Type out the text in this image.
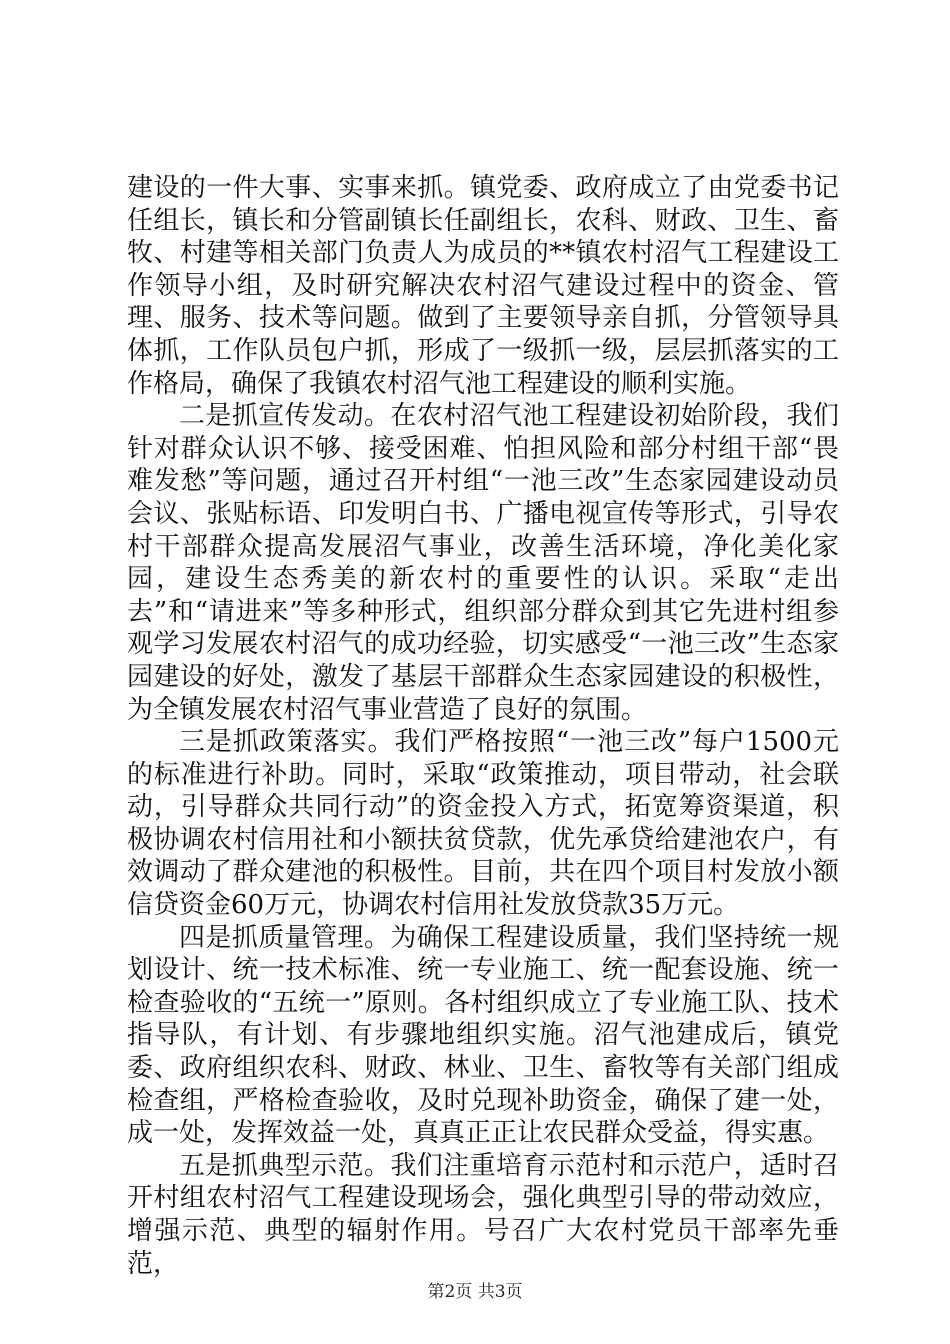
建设的一件大事、实事来抓。镇党委、政府成立了由党委书记任组长，镇长和分管副镇长任副组长，农科、财政、卫生、畜牧、村建等相关部门负责人为成员的**镇农村沼气工程建设工作领导小组，及时研究解决农村沼气建设过程中的资金、管理、服务、技术等问题。做到了主要领导亲自抓，分管领导具体抓，工作队员包户抓，形成了一级抓一级，层层抓落实的工作格局，确保了我镇农村沼气池工程建设的顺利实施。

二是抓宣传发动。在农村沼气池工程建设初始阶段，我们针对群众认识不够、接受困难、怕担风险和部分村组干部“畏难发愁”等问题，通过召开村组“一池三改”生态家园建设动员会议、张贴标语、印发明白书、广播电视宣传等形式，引导农村干部群众提高发展沼气事业，改善生活环境，净化美化家园，建设生态秀美的新农村的重要性的认识。采取“走出去”和“请进来”等多种形式，组织部分群众到其它先进村组参观学习发展农村沼气的成功经验，切实感受“一池三改”生态家园建设的好处，激发了基层干部群众生态家园建设的积极性，为全镇发展农村沼气事业营造了良好的氛围。

三是抓政策落实。我们严格按照“一池三改”每户1500元的标准进行补助。同时，采取“政策推动，项目带动，社会联动，引导群众共同行动”的资金投入方式，拓宽筹资渠道，积极协调农村信用社和小额扶贫贷款，优先承贷给建池农户，有效调动了群众建池的积极性。目前，共在四个项目村发放小额信贷资金60万元，协调农村信用社发放贷款35万元。

四是抓质量管理。为确保工程建设质量，我们坚持统一规划设计、统一技术标准、统一专业施工、统一配套设施、统一检查验收的“五统一”原则。各村组织成立了专业施工队、技术指导队，有计划、有步骤地组织实施。沼气池建成后，镇党委、政府组织农科、财政、林业、卫生、畜牧等有关部门组成检查组，严格检查验收，及时兑现补助资金，确保了建一处，成一处，发挥效益一处，真真正正让农民群众受益，得实惠。

五是抓典型示范。我们注重培育示范村和示范户，适时召开村组农村沼气工程建设现场会，强化典型引导的带动效应，增强示范、典型的辐射作用。号召广大农村党员干部率先垂范，

第2页 共3页
